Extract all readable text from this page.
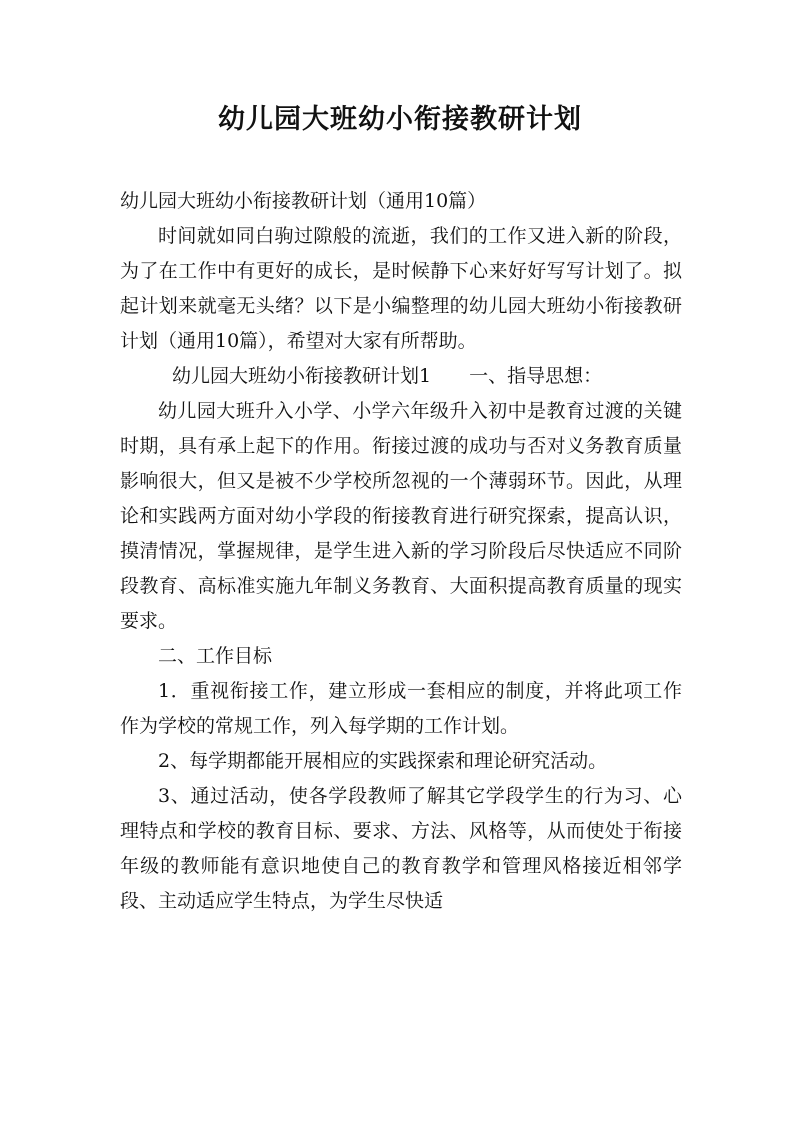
幼儿园大班幼小衔接教研计划

幼儿园大班幼小衔接教研计划（通用10篇）

时间就如同白驹过隙般的流逝，我们的工作又进入新的阶段，为了在工作中有更好的成长，是时候静下心来好好写写计划了。拟起计划来就毫无头绪？以下是小编整理的幼儿园大班幼小衔接教研计划（通用10篇），希望对大家有所帮助。

幼儿园大班幼小衔接教研计划1　　一、指导思想：

幼儿园大班升入小学、小学六年级升入初中是教育过渡的关键时期，具有承上起下的作用。衔接过渡的成功与否对义务教育质量影响很大，但又是被不少学校所忽视的一个薄弱环节。因此，从理论和实践两方面对幼小学段的衔接教育进行研究探索，提高认识，摸清情况，掌握规律，是学生进入新的学习阶段后尽快适应不同阶段教育、高标准实施九年制义务教育、大面积提高教育质量的现实要求。

二、工作目标

1．重视衔接工作，建立形成一套相应的制度，并将此项工作作为学校的常规工作，列入每学期的工作计划。

2、每学期都能开展相应的实践探索和理论研究活动。

3、通过活动，使各学段教师了解其它学段学生的行为习、心理特点和学校的教育目标、要求、方法、风格等，从而使处于衔接年级的教师能有意识地使自己的教育教学和管理风格接近相邻学段、主动适应学生特点，为学生尽快适
